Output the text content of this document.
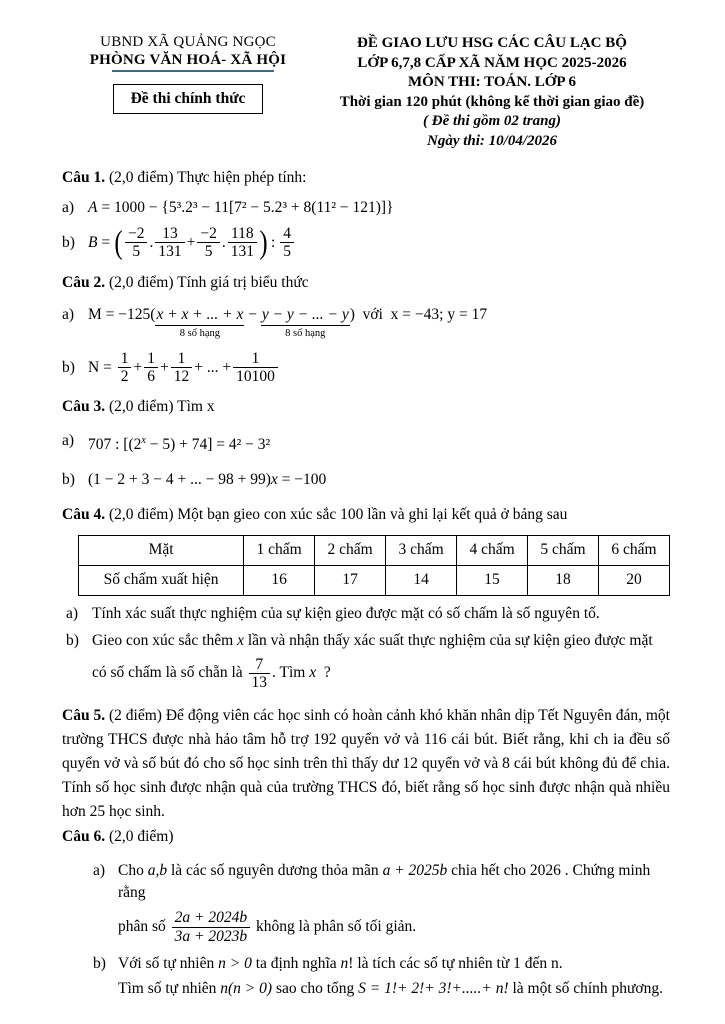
UBND XÃ QUẢNG NGỌC
PHÒNG VĂN HOÁ- XÃ HỘI
Đề thi chính thức
ĐỀ GIAO LƯU HSG CÁC CÂU LẠC BỘ
LỚP 6,7,8 CẤP XÃ NĂM HỌC 2025-2026
MÔN THI: TOÁN. LỚP 6
Thời gian 120 phút (không kể thời gian giao đề)
( Đề thi gồm 02 trang)
Ngày thi: 10/04/2026
Câu 1. (2,0 điểm) Thực hiện phép tính:
a) A = 1000 − {5³.2³ − 11[7² − 5.2³ + 8(11² − 121)]}
b) B = ( $\frac{-2}{5}$ . $\frac{13}{131} + \frac{-2}{5}$ . $\frac{118}{131}$ ) : $\frac{4}{5}$
Câu 2. (2,0 điểm) Tính giá trị biểu thức
a) M = −125(x + x + ... + x
8 số hạng
− y − y − ... − y
8 số hạng
)  với  x = −43; y = 17
b) $N = \frac{1}{2} + \frac{1}{6} + \frac{1}{12}$ + ... + $\frac{1}{10100}$
Câu 3. (2,0 điểm) Tìm x
a) 707 : $[(2^x - 5) + 74] = 4^2 - 3^2$
b) (1 − 2 + 3 − 4 + ... − 98 + 99)x = −100
Câu 4. (2,0 điểm) Một bạn gieo con xúc sắc 100 lần và ghi lại kết quả ở bảng sau
Mặt	1 chấm	2 chấm	3 chấm	4 chấm	5 chấm	6 chấm
Số chấm xuất hiện	16	17	14	15	18	20
a) Tính xác suất thực nghiệm của sự kiện gieo được mặt có số chấm là số nguyên tố.
b) Gieo con xúc sắc thêm x lần và nhận thấy xác suất thực nghiệm của sự kiện gieo được mặt
có số chấm là số chẵn là $\frac{7}{13}$ . Tìm x ?
Câu 5. (2 điểm) Để động viên các học sinh có hoàn cảnh khó khăn nhân dịp Tết Nguyên đán, một trường THCS được nhà hảo tâm hỗ trợ 192 quyển vở và 116 cái bút. Biết rằng, khi ch ia đều số quyển vở và số bút đó cho số học sinh trên thì thấy dư 12 quyển vở và 8 cái bút không đủ để chia. Tính số học sinh được nhận quà của trường THCS đó, biết rằng số học sinh được nhận quà nhiều hơn 25 học sinh.
Câu 6. (2,0 điểm)
a) Cho a,b là các số nguyên dương thỏa mãn a + 2025b chia hết cho 2026 . Chứng minh rằng
phân số $\frac{2a + 2024b}{3a + 2023b}$ không là phân số tối giản.
b) Với số tự nhiên n > 0 ta định nghĩa n! là tích các số tự nhiên từ 1 đến n.
Tìm số tự nhiên n(n > 0) sao cho tổng S = 1!+ 2!+ 3!+.....+ n! là một số chính phương.
